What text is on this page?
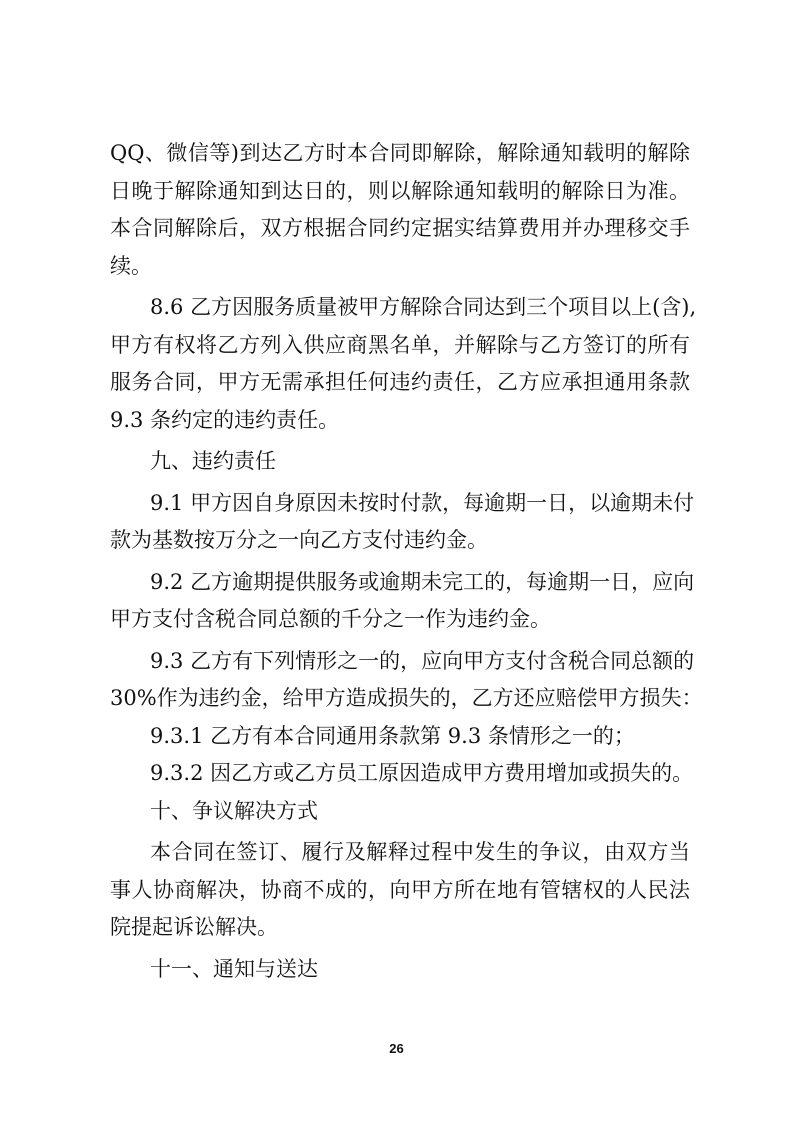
QQ、微信等)到达乙方时本合同即解除，解除通知载明的解除
日晚于解除通知到达日的，则以解除通知载明的解除日为准。
本合同解除后，双方根据合同约定据实结算费用并办理移交手
续。
8.6 乙方因服务质量被甲方解除合同达到三个项目以上(含),
甲方有权将乙方列入供应商黑名单，并解除与乙方签订的所有
服务合同，甲方无需承担任何违约责任，乙方应承担通用条款
9.3 条约定的违约责任。
九、违约责任
9.1 甲方因自身原因未按时付款，每逾期一日，以逾期未付
款为基数按万分之一向乙方支付违约金。
9.2 乙方逾期提供服务或逾期未完工的，每逾期一日，应向
甲方支付含税合同总额的千分之一作为违约金。
9.3 乙方有下列情形之一的，应向甲方支付含税合同总额的
30%作为违约金，给甲方造成损失的，乙方还应赔偿甲方损失：
9.3.1 乙方有本合同通用条款第 9.3 条情形之一的；
9.3.2 因乙方或乙方员工原因造成甲方费用增加或损失的。
十、争议解决方式
本合同在签订、履行及解释过程中发生的争议，由双方当
事人协商解决，协商不成的，向甲方所在地有管辖权的人民法
院提起诉讼解决。
十一、通知与送达
26
